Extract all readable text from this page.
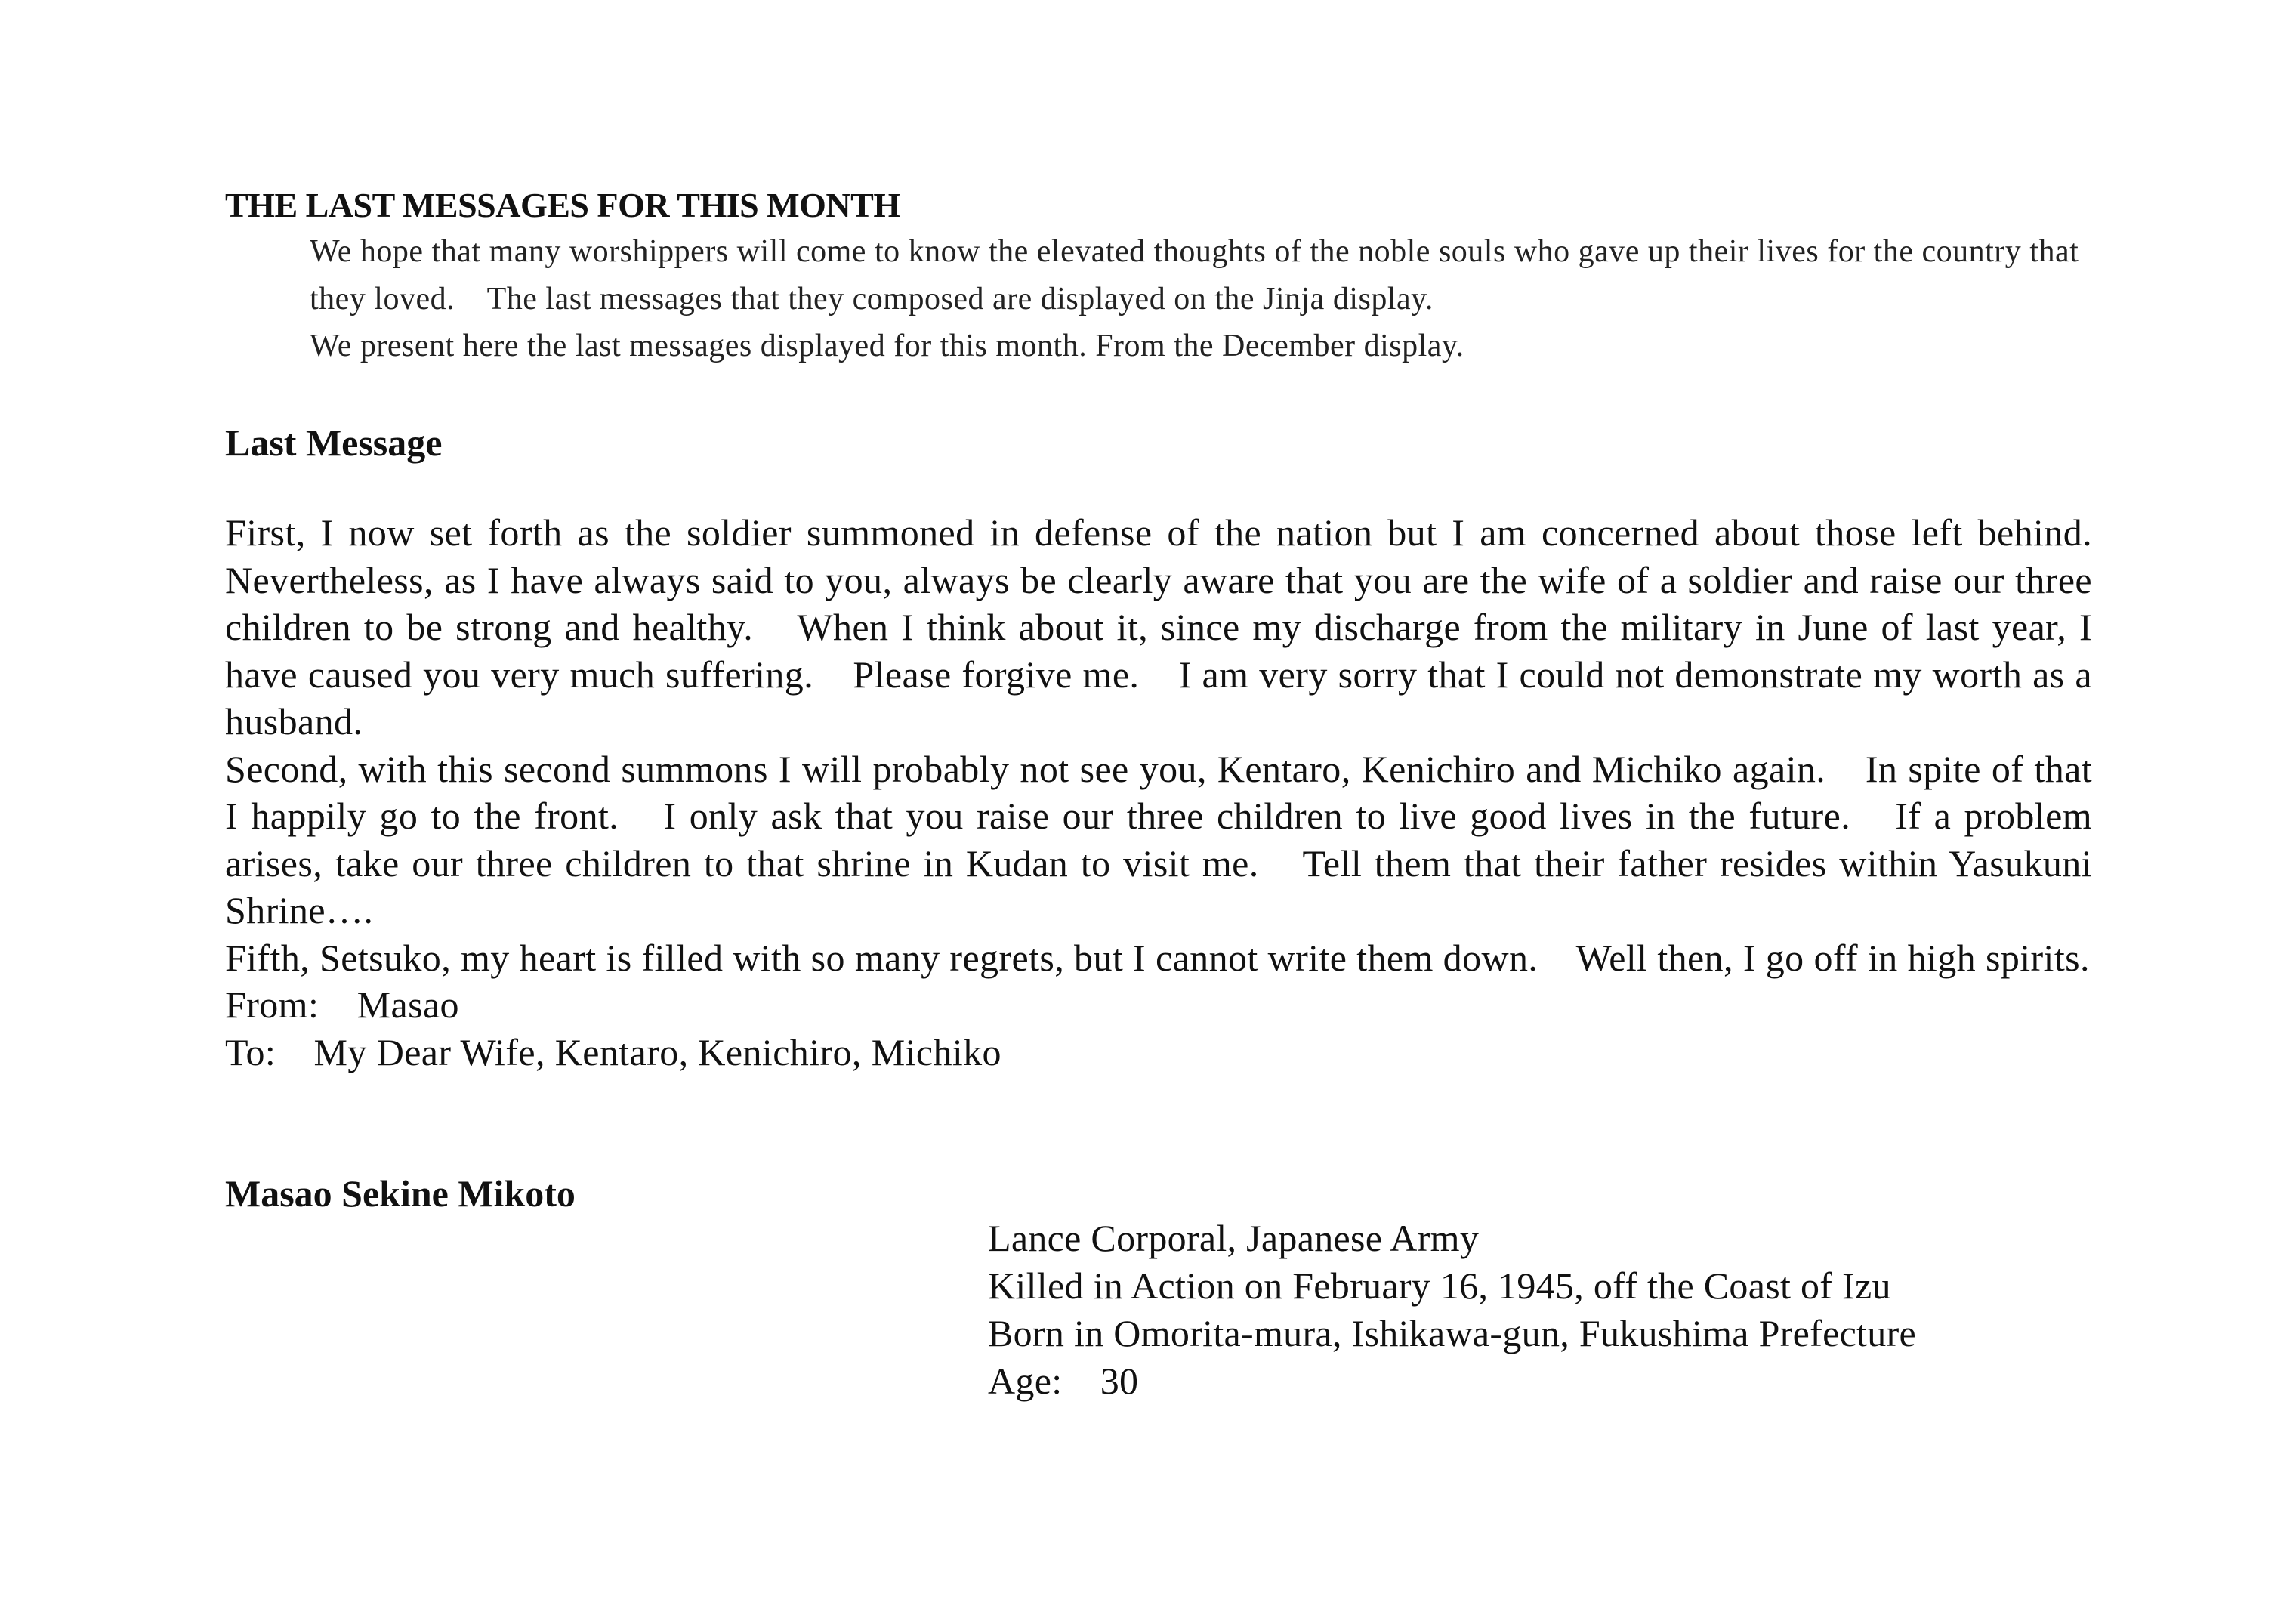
THE LAST MESSAGES FOR THIS MONTH

We hope that many worshippers will come to know the elevated thoughts of the noble souls who gave up their lives for the country that they loved.　The last messages that they composed are displayed on the Jinja display.

We present here the last messages displayed for this month. From the December display.

Last Message

First, I now set forth as the soldier summoned in defense of the nation but I am concerned about those left behind.　Nevertheless, as I have always said to you, always be clearly aware that you are the wife of a soldier and raise our three children to be strong and healthy.　When I think about it, since my discharge from the military in June of last year, I have caused you very much suffering.　Please forgive me.　I am very sorry that I could not demonstrate my worth as a husband.

Second, with this second summons I will probably not see you, Kentaro, Kenichiro and Michiko again.　In spite of that I happily go to the front.　I only ask that you raise our three children to live good lives in the future.　If a problem arises, take our three children to that shrine in Kudan to visit me.　Tell them that their father resides within Yasukuni Shrine….

Fifth, Setsuko, my heart is filled with so many regrets, but I cannot write them down.　Well then, I go off in high spirits.

From:　Masao

To:　My Dear Wife, Kentaro, Kenichiro, Michiko

Masao Sekine Mikoto
Lance Corporal, Japanese Army
Killed in Action on February 16, 1945, off the Coast of Izu
Born in Omorita-mura, Ishikawa-gun, Fukushima Prefecture
Age:　30
